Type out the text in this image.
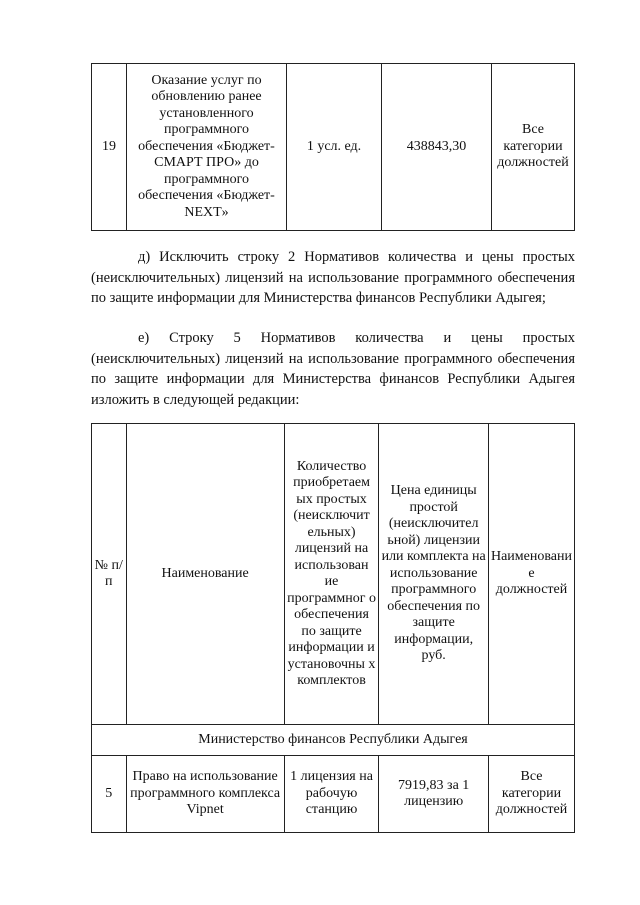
19	Оказание услуг по обновлению ранее установленного программного обеспечения «Бюджет-СМАРТ ПРО» до программного обеспечения «Бюджет-NEXT»	1 усл. ед.	438843,30	Все категории должностей

д) Исключить строку 2 Нормативов количества и цены простых (неисключительных) лицензий на использование программного обеспечения по защите информации для Министерства финансов Республики Адыгея;

е) Строку 5 Нормативов количества и цены простых (неисключительных) лицензий на использование программного обеспечения по защите информации для Министерства финансов Республики Адыгея изложить в следующей редакции:

№ п/п	Наименование	Количество приобретаем ых простых (неисключит ельных) лицензий на использован ие программног о обеспечения по защите информации и установочны х комплектов	Цена единицы простой (неисключител ьной) лицензии или комплекта на использование программного обеспечения по защите информации, руб.	Наименовани е должностей
Министерство финансов Республики Адыгея				
5	Право на использование программного комплекса Vipnet	1 лицензия на рабочую станцию	7919,83 за 1 лицензию	Все категории должностей
